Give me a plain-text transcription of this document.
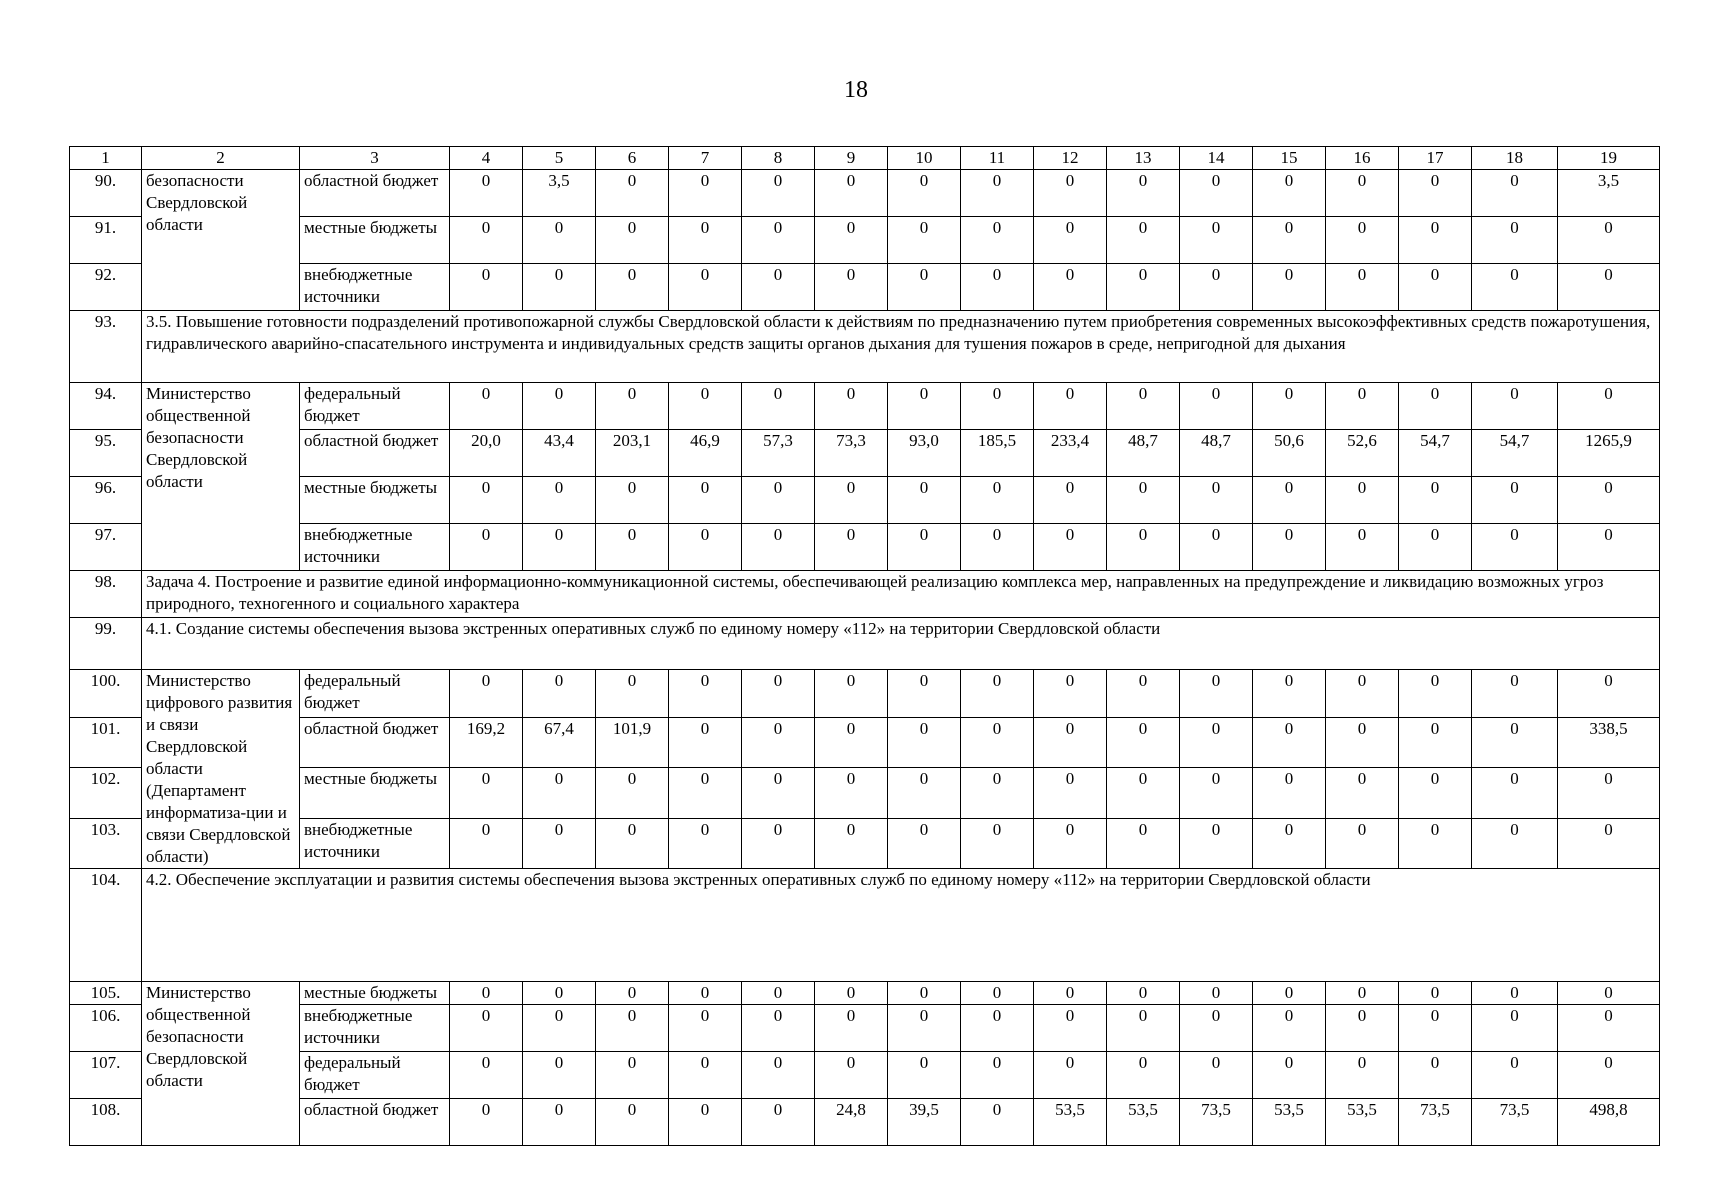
18
1	2	3	4	5	6	7	8	9	10	11	12	13	14	15	16	17	18	19
90.	безопасности Свердловской области	областной бюджет	0	3,5	0	0	0	0	0	0	0	0	0	0	0	0	0	3,5
91.		местные бюджеты	0	0	0	0	0	0	0	0	0	0	0	0	0	0	0	0
92.		внебюджетные источники	0	0	0	0	0	0	0	0	0	0	0	0	0	0	0	0
93.	3.5. Повышение готовности подразделений противопожарной службы Свердловской области к действиям по предназначению путем приобретения современных высокоэффективных средств пожаротушения, гидравлического аварийно-спасательного инструмента и индивидуальных средств защиты органов дыхания для тушения пожаров в среде, непригодной для дыхания																	
94.	Министерство общественной безопасности Свердловской области	федеральный бюджет	0	0	0	0	0	0	0	0	0	0	0	0	0	0	0	0
95.		областной бюджет	20,0	43,4	203,1	46,9	57,3	73,3	93,0	185,5	233,4	48,7	48,7	50,6	52,6	54,7	54,7	1265,9
96.		местные бюджеты	0	0	0	0	0	0	0	0	0	0	0	0	0	0	0	0
97.		внебюджетные источники	0	0	0	0	0	0	0	0	0	0	0	0	0	0	0	0
98.	Задача 4. Построение и развитие единой информационно-коммуникационной системы, обеспечивающей реализацию комплекса мер, направленных на предупреждение и ликвидацию возможных угроз природного, техногенного и социального характера																	
99.	4.1. Создание системы обеспечения вызова экстренных оперативных служб по единому номеру «112» на территории Свердловской области																	
100.	Министерство цифрового развития и связи Свердловской области (Департамент информатиза-ции и связи Свердловской области)	федеральный бюджет	0	0	0	0	0	0	0	0	0	0	0	0	0	0	0	0
101.		областной бюджет	169,2	67,4	101,9	0	0	0	0	0	0	0	0	0	0	0	0	338,5
102.		местные бюджеты	0	0	0	0	0	0	0	0	0	0	0	0	0	0	0	0
103.		внебюджетные источники	0	0	0	0	0	0	0	0	0	0	0	0	0	0	0	0
104.	4.2. Обеспечение эксплуатации и развития системы обеспечения вызова экстренных оперативных служб по единому номеру «112» на территории Свердловской области																	
105.	Министерство общественной безопасности Свердловской области	местные бюджеты	0	0	0	0	0	0	0	0	0	0	0	0	0	0	0	0
106.		внебюджетные источники	0	0	0	0	0	0	0	0	0	0	0	0	0	0	0	0
107.		федеральный бюджет	0	0	0	0	0	0	0	0	0	0	0	0	0	0	0	0
108.		областной бюджет	0	0	0	0	0	24,8	39,5	0	53,5	53,5	73,5	53,5	53,5	73,5	73,5	498,8
